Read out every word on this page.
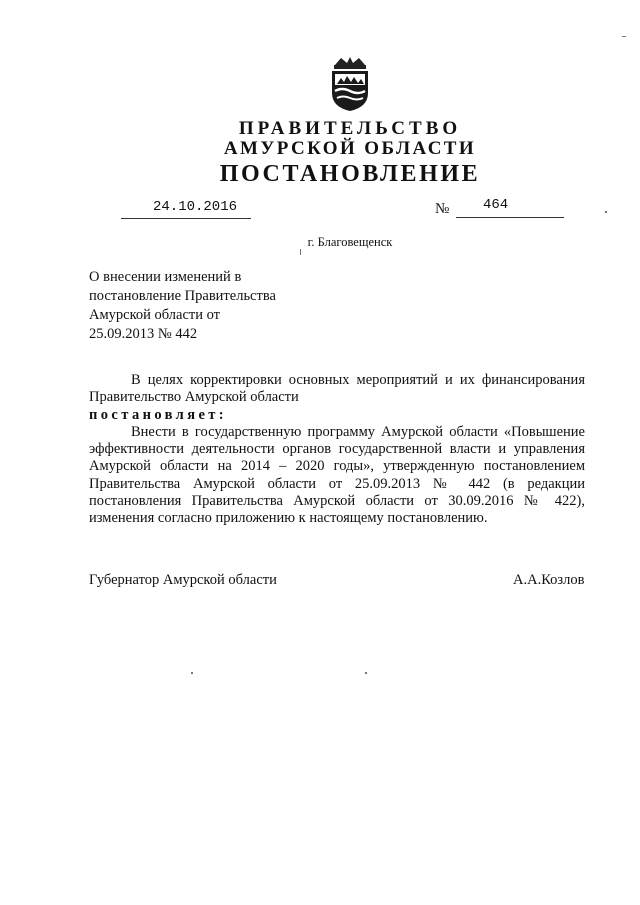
ПРАВИТЕЛЬСТВО
АМУРСКОЙ ОБЛАСТИ
ПОСТАНОВЛЕНИЕ
24.10.2016	№ 464
г. Благовещенск
О внесении изменений в
постановление Правительства
Амурской области от
25.09.2013 № 442
В целях корректировки основных мероприятий и их финансирования
Правительство Амурской области
постановляет:
Внести в государственную программу Амурской области «Повышение
эффективности деятельности органов государственной власти и управления
Амурской области на 2014 – 2020 годы», утвержденную постановлением
Правительства Амурской области от 25.09.2013 № 442 (в редакции
постановления Правительства Амурской области от 30.09.2016 № 422),
изменения согласно приложению к настоящему постановлению.
Губернатор Амурской области	А.А.Козлов
